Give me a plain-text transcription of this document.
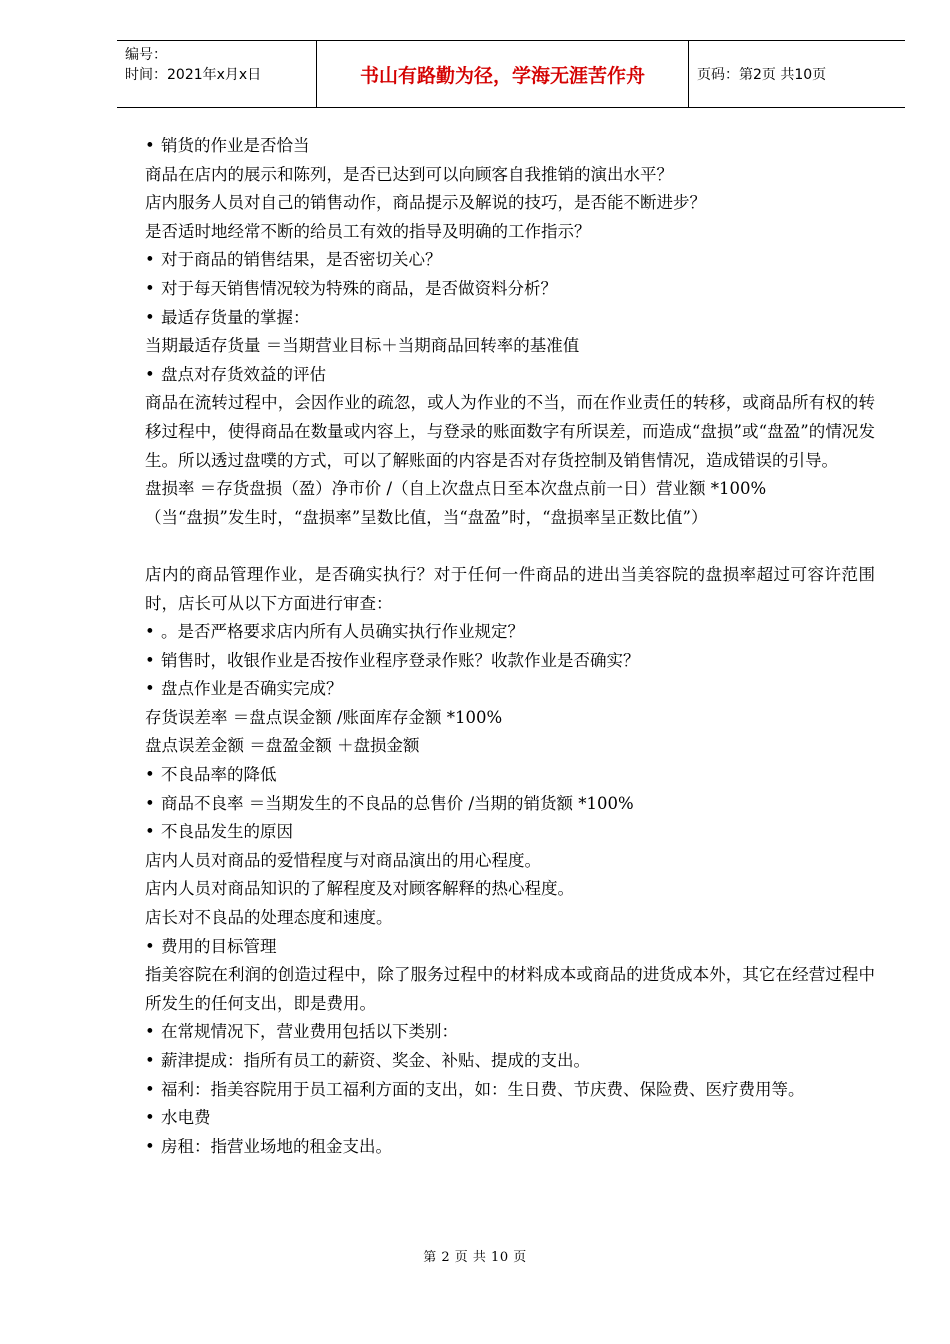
编号：
时间：2021年x月x日	书山有路勤为径，学海无涯苦作舟	页码：第2页 共10页
• 销货的作业是否恰当
商品在店内的展示和陈列，是否已达到可以向顾客自我推销的演出水平？
店内服务人员对自己的销售动作，商品提示及解说的技巧，是否能不断进步？
是否适时地经常不断的给员工有效的指导及明确的工作指示？
• 对于商品的销售结果，是否密切关心？
• 对于每天销售情况较为特殊的商品，是否做资料分析？
• 最适存货量的掌握：
当期最适存货量 ＝当期营业目标＋当期商品回转率的基准值
• 盘点对存货效益的评估
商品在流转过程中，会因作业的疏忽，或人为作业的不当，而在作业责任的转移，或商品所有权的转移过程中，使得商品在数量或内容上，与登录的账面数字有所误差，而造成“盘损”或“盘盈”的情况发生。所以透过盘噗的方式，可以了解账面的内容是否对存货控制及销售情况，造成错误的引导。
盘损率 ＝存货盘损（盈）净市价 /（自上次盘点日至本次盘点前一日）营业额 *100%
（当“盘损”发生时，“盘损率”呈数比值，当“盘盈”时，“盘损率呈正数比值”）
店内的商品管理作业，是否确实执行？对于任何一件商品的进出当美容院的盘损率超过可容许范围时，店长可从以下方面进行审查：
• 。是否严格要求店内所有人员确实执行作业规定？
• 销售时，收银作业是否按作业程序登录作账？收款作业是否确实？
• 盘点作业是否确实完成？
存货误差率 ＝盘点误金额 /账面库存金额 *100%
盘点误差金额 ＝盘盈金额 ＋盘损金额
• 不良品率的降低
• 商品不良率 ＝当期发生的不良品的总售价 /当期的销货额 *100%
• 不良品发生的原因
店内人员对商品的爱惜程度与对商品演出的用心程度。
店内人员对商品知识的了解程度及对顾客解释的热心程度。
店长对不良品的处理态度和速度。
• 费用的目标管理
指美容院在利润的创造过程中，除了服务过程中的材料成本或商品的进货成本外，其它在经营过程中所发生的任何支出，即是费用。
• 在常规情况下，营业费用包括以下类别：
• 薪津提成：指所有员工的薪资、奖金、补贴、提成的支出。
• 福利：指美容院用于员工福利方面的支出，如：生日费、节庆费、保险费、医疗费用等。
• 水电费
• 房租：指营业场地的租金支出。
第 2 页 共 10 页
